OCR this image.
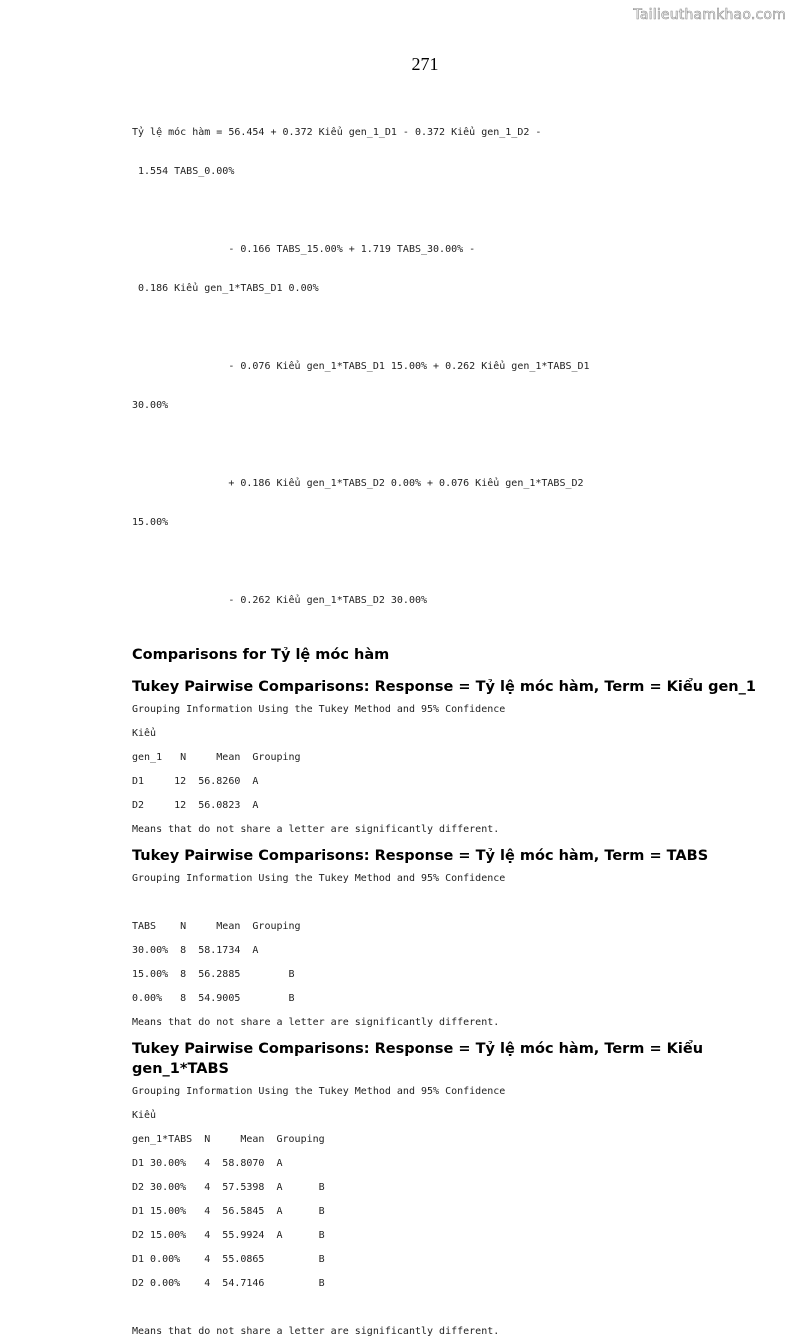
Tailieuthamkhao.com
271

Tỷ lệ móc hàm = 56.454 + 0.372 Kiểu gen_1_D1 - 0.372 Kiểu gen_1_D2 -

1.554 TABS_0.00%

- 0.166 TABS_15.00% + 1.719 TABS_30.00% -

0.186 Kiểu gen_1*TABS_D1 0.00%

- 0.076 Kiểu gen_1*TABS_D1 15.00% + 0.262 Kiểu gen_1*TABS_D1

30.00%

+ 0.186 Kiểu gen_1*TABS_D2 0.00% + 0.076 Kiểu gen_1*TABS_D2

15.00%

- 0.262 Kiểu gen_1*TABS_D2 30.00%

Comparisons for Tỷ lệ móc hàm
Tukey Pairwise Comparisons: Response = Tỷ lệ móc hàm, Term = Kiểu gen_1
Grouping Information Using the Tukey Method and 95% Confidence
Kiểu
gen_1   N     Mean  Grouping
D1     12  56.8260  A
D2     12  56.0823  A
Means that do not share a letter are significantly different.
Tukey Pairwise Comparisons: Response = Tỷ lệ móc hàm, Term = TABS
Grouping Information Using the Tukey Method and 95% Confidence
TABS    N     Mean  Grouping
30.00%  8  58.1734  A
15.00%  8  56.2885        B
0.00%   8  54.9005        B
Means that do not share a letter are significantly different.
Tukey Pairwise Comparisons: Response = Tỷ lệ móc hàm, Term = Kiểu
gen_1*TABS
Grouping Information Using the Tukey Method and 95% Confidence
Kiểu
gen_1*TABS  N     Mean  Grouping
D1 30.00%   4  58.8070  A
D2 30.00%   4  57.5398  A      B
D1 15.00%   4  56.5845  A      B
D2 15.00%   4  55.9924  A      B
D1 0.00%    4  55.0865         B
D2 0.00%    4  54.7146         B
Means that do not share a letter are significantly different.
